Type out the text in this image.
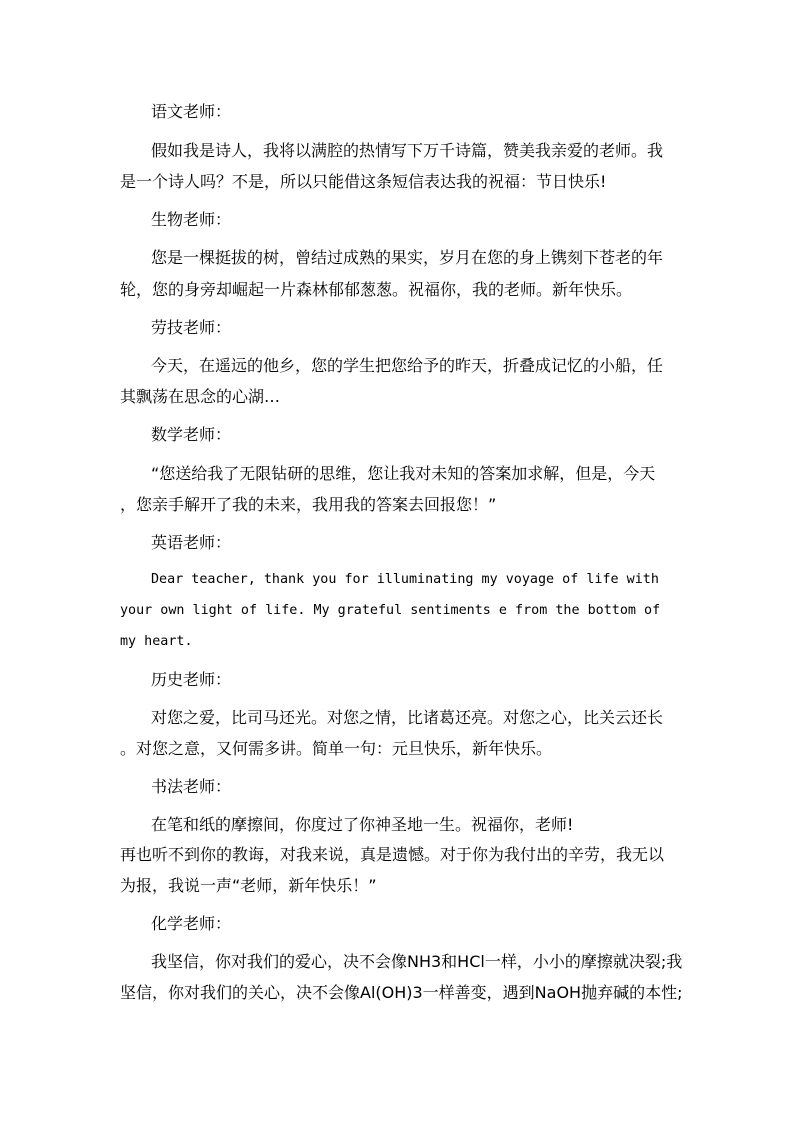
语文老师：
假如我是诗人，我将以满腔的热情写下万千诗篇，赞美我亲爱的老师。我
是一个诗人吗？不是，所以只能借这条短信表达我的祝福：节日快乐!
生物老师：
您是一棵挺拔的树，曾结过成熟的果实，岁月在您的身上镌刻下苍老的年
轮，您的身旁却崛起一片森林郁郁葱葱。祝福你，我的老师。新年快乐。
劳技老师：
今天，在遥远的他乡，您的学生把您给予的昨天，折叠成记忆的小船，任
其飘荡在思念的心湖…
数学老师：
“您送给我了无限钻研的思维，您让我对未知的答案加求解，但是，今天
，您亲手解开了我的未来，我用我的答案去回报您！”
英语老师：
Dear teacher, thank you for illuminating my voyage of life with
your own light of life. My grateful sentiments e from the bottom of
my heart.
历史老师：
对您之爱，比司马还光。对您之情，比诸葛还亮。对您之心，比关云还长
。对您之意，又何需多讲。简单一句：元旦快乐，新年快乐。
书法老师：
在笔和纸的摩擦间，你度过了你神圣地一生。祝福你，老师!
再也听不到你的教诲，对我来说，真是遗憾。对于你为我付出的辛劳，我无以
为报，我说一声“老师，新年快乐！”
化学老师：
我坚信，你对我们的爱心，决不会像NH3和HCl一样，小小的摩擦就决裂;我
坚信，你对我们的关心，决不会像Al(OH)3一样善变，遇到NaOH抛弃碱的本性;
